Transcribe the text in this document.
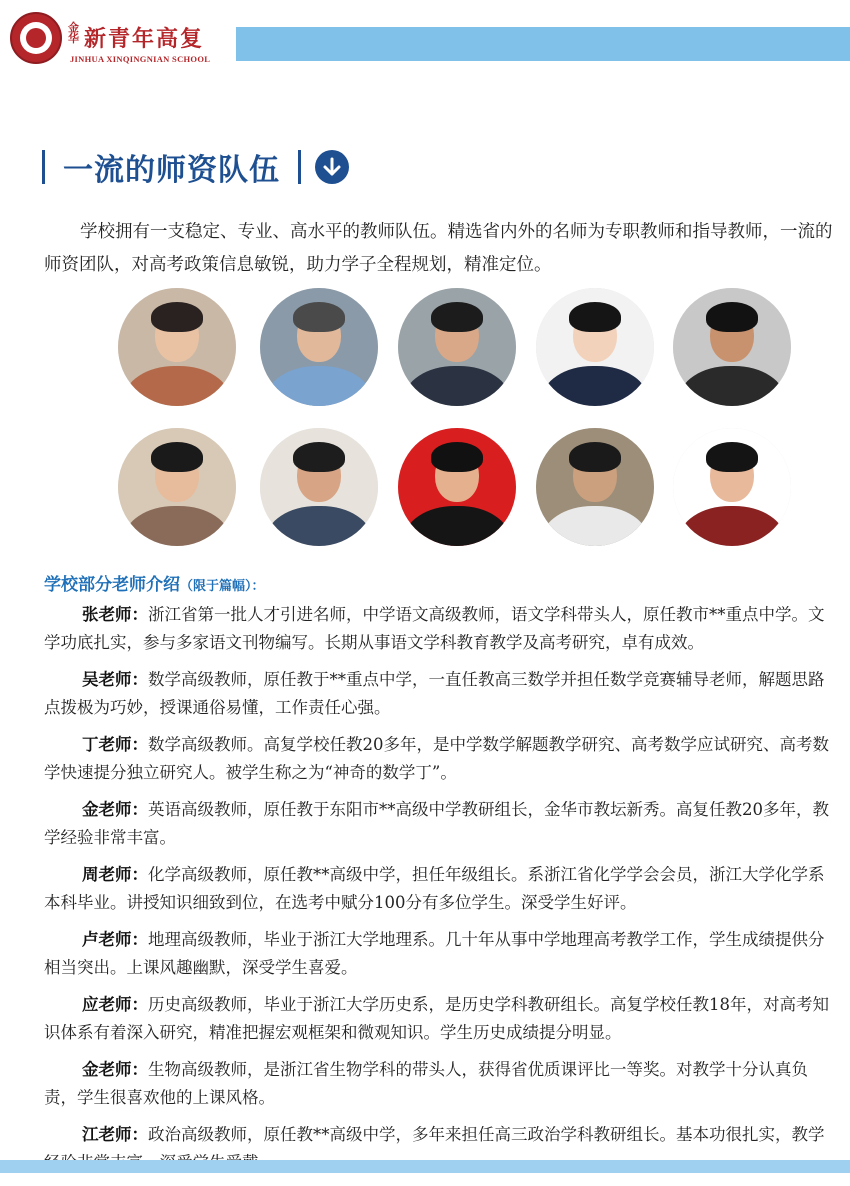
金华 新青年高复
JINHUA XINQINGNIAN SCHOOL
一流的师资队伍
学校拥有一支稳定、专业、高水平的教师队伍。精选省内外的名师为专职教师和指导教师，一流的师资团队，对高考政策信息敏锐，助力学子全程规划，精准定位。
学校部分老师介绍（限于篇幅）：
张老师：浙江省第一批人才引进名师，中学语文高级教师，语文学科带头人，原任教市**重点中学。文学功底扎实，参与多家语文刊物编写。长期从事语文学科教育教学及高考研究，卓有成效。
吴老师：数学高级教师，原任教于**重点中学，一直任教高三数学并担任数学竞赛辅导老师，解题思路点拨极为巧妙，授课通俗易懂，工作责任心强。
丁老师：数学高级教师。高复学校任教20多年，是中学数学解题教学研究、高考数学应试研究、高考数学快速提分独立研究人。被学生称之为“神奇的数学丁”。
金老师：英语高级教师，原任教于东阳市**高级中学教研组长，金华市教坛新秀。高复任教20多年，教学经验非常丰富。
周老师：化学高级教师，原任教**高级中学，担任年级组长。系浙江省化学学会会员，浙江大学化学系本科毕业。讲授知识细致到位，在选考中赋分100分有多位学生。深受学生好评。
卢老师：地理高级教师，毕业于浙江大学地理系。几十年从事中学地理高考教学工作，学生成绩提供分相当突出。上课风趣幽默，深受学生喜爱。
应老师：历史高级教师，毕业于浙江大学历史系，是历史学科教研组长。高复学校任教18年，对高考知识体系有着深入研究，精准把握宏观框架和微观知识。学生历史成绩提分明显。
金老师：生物高级教师，是浙江省生物学科的带头人，获得省优质课评比一等奖。对教学十分认真负责，学生很喜欢他的上课风格。
江老师：政治高级教师，原任教**高级中学，多年来担任高三政治学科教研组长。基本功很扎实，教学
